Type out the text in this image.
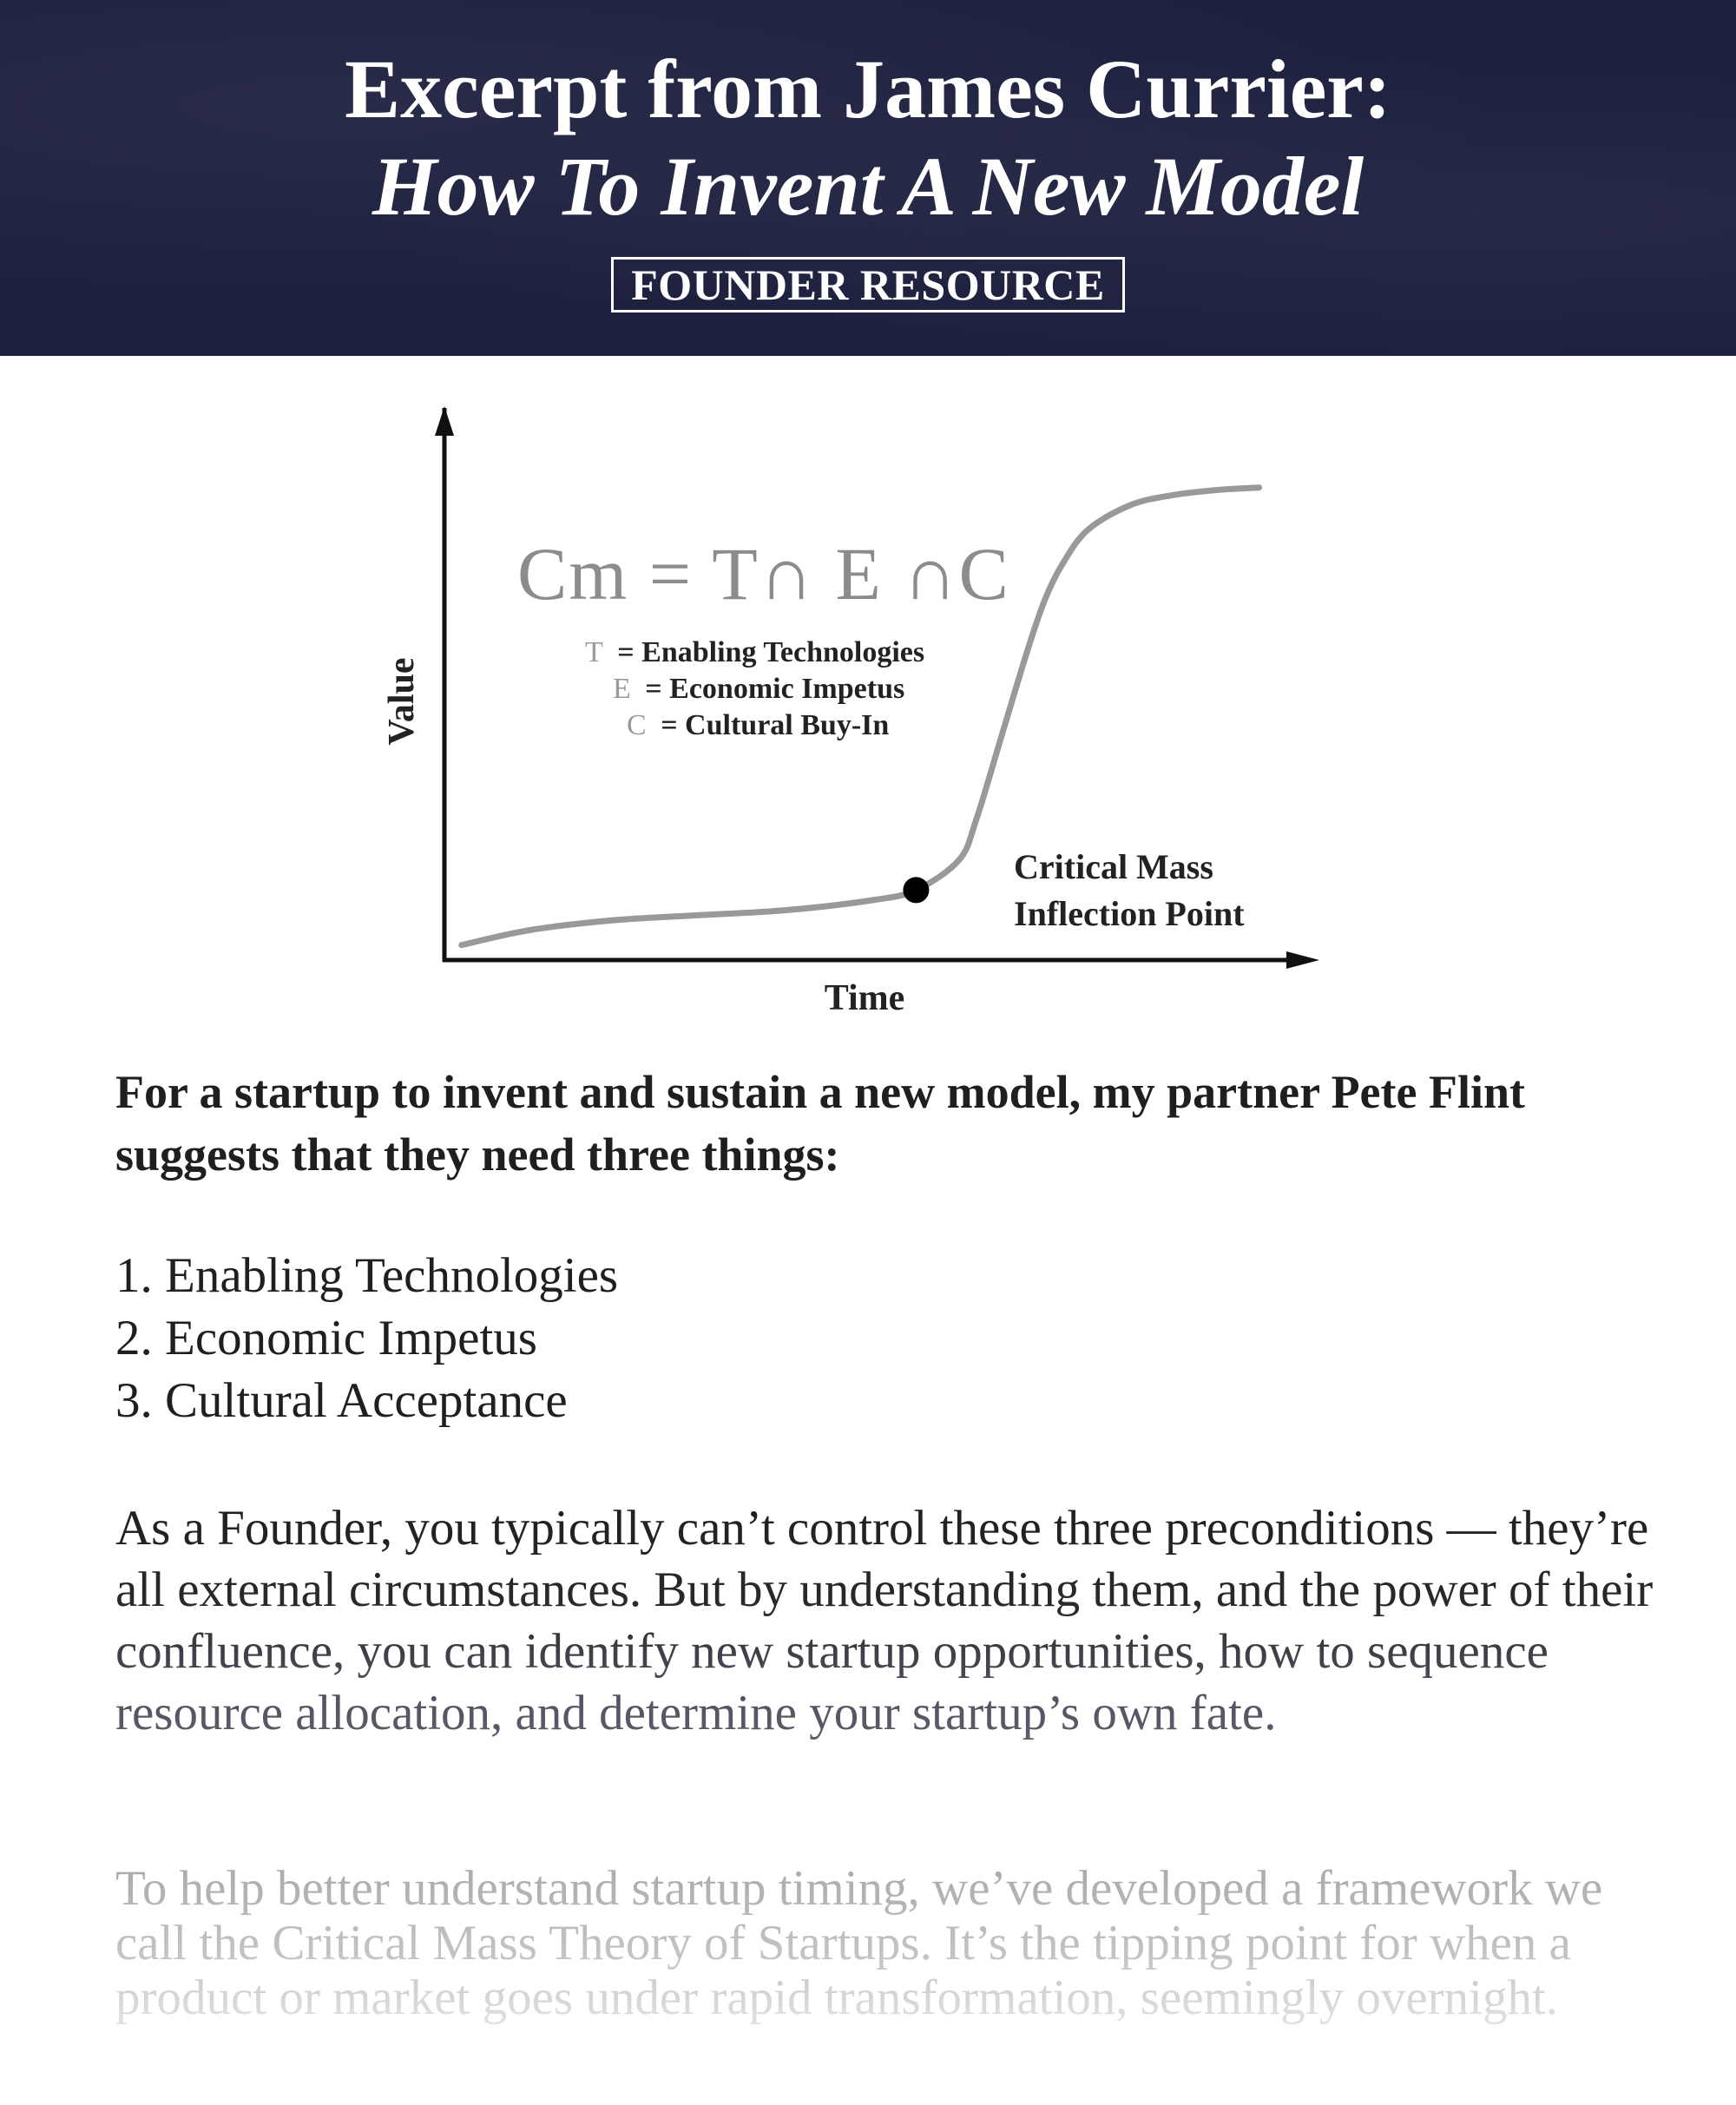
Excerpt from James Currier:
How To Invent A New Model
FOUNDER RESOURCE
Cm = T∩ E ∩C
T = Enabling Technologies
E = Economic Impetus
C = Cultural Buy-In
Critical Mass
Inflection Point
Time
Value

For a startup to invent and sustain a new model, my partner Pete Flint suggests that they need three things:

1. Enabling Technologies
2. Economic Impetus
3. Cultural Acceptance

As a Founder, you typically can’t control these three preconditions — they’re all external circumstances. But by understanding them, and the power of their confluence, you can identify new startup opportunities, how to sequence resource allocation, and determine your startup’s own fate.

To help better understand startup timing, we’ve developed a framework we call the Critical Mass Theory of Startups. It’s the tipping point for when a product or market goes under rapid transformation, seemingly overnight.
